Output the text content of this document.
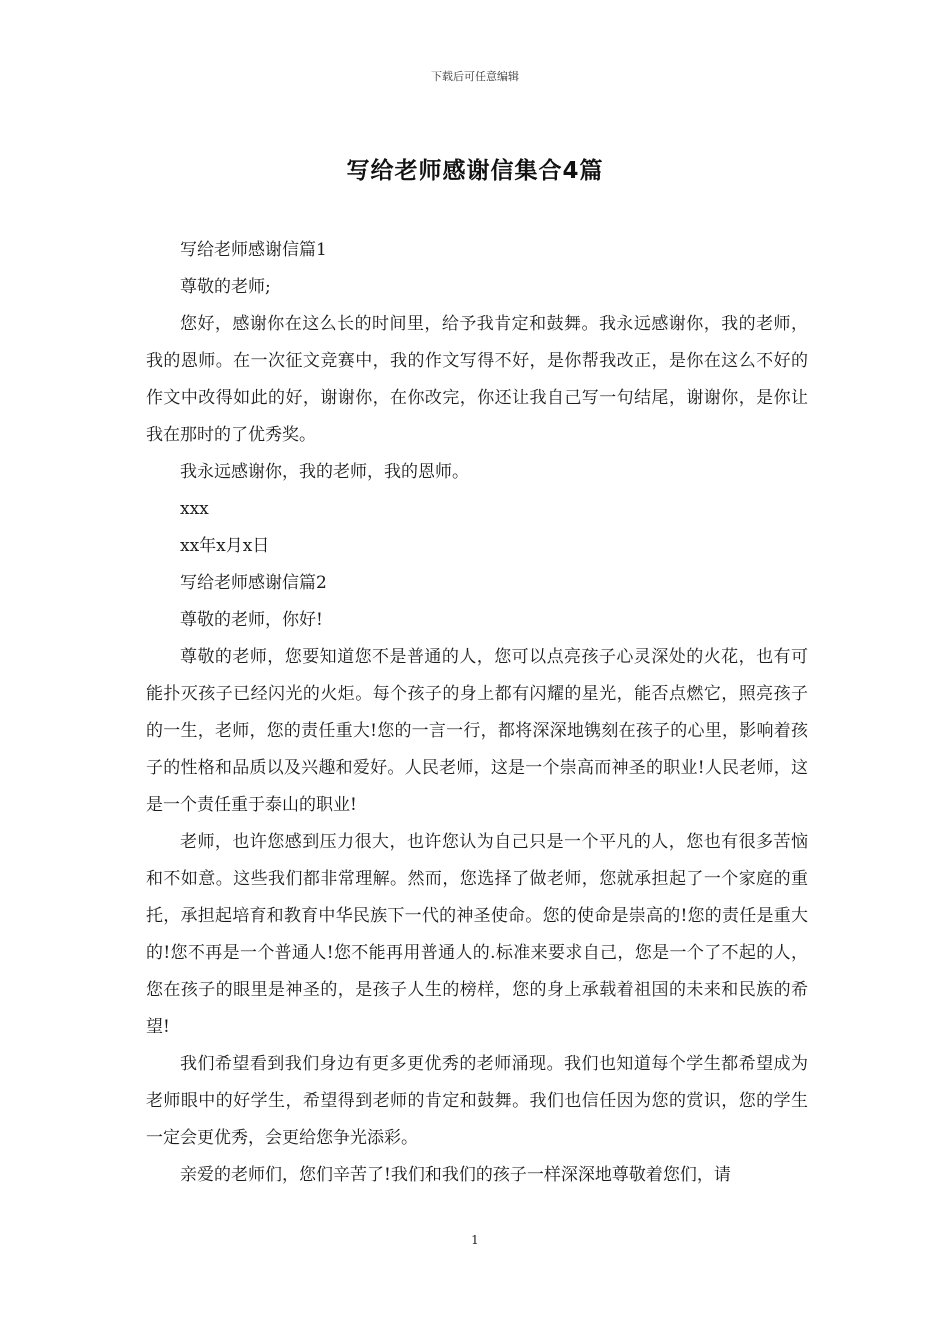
下载后可任意编辑
写给老师感谢信集合4篇

写给老师感谢信篇1

尊敬的老师;

您好，感谢你在这么长的时间里，给予我肯定和鼓舞。我永远感谢你，我的老师，我的恩师。在一次征文竞赛中，我的作文写得不好，是你帮我改正，是你在这么不好的作文中改得如此的好，谢谢你，在你改完，你还让我自己写一句结尾，谢谢你，是你让我在那时的了优秀奖。

我永远感谢你，我的老师，我的恩师。

xxx

xx年x月x日

写给老师感谢信篇2

尊敬的老师，你好!

尊敬的老师，您要知道您不是普通的人，您可以点亮孩子心灵深处的火花，也有可能扑灭孩子已经闪光的火炬。每个孩子的身上都有闪耀的星光，能否点燃它，照亮孩子的一生，老师，您的责任重大!您的一言一行，都将深深地镌刻在孩子的心里，影响着孩子的性格和品质以及兴趣和爱好。人民老师，这是一个崇高而神圣的职业!人民老师，这是一个责任重于泰山的职业!

老师，也许您感到压力很大，也许您认为自己只是一个平凡的人，您也有很多苦恼和不如意。这些我们都非常理解。然而，您选择了做老师，您就承担起了一个家庭的重托，承担起培育和教育中华民族下一代的神圣使命。您的使命是崇高的!您的责任是重大的!您不再是一个普通人!您不能再用普通人的.标准来要求自己，您是一个了不起的人，您在孩子的眼里是神圣的，是孩子人生的榜样，您的身上承载着祖国的未来和民族的希望!

我们希望看到我们身边有更多更优秀的老师涌现。我们也知道每个学生都希望成为老师眼中的好学生，希望得到老师的肯定和鼓舞。我们也信任因为您的赏识，您的学生一定会更优秀，会更给您争光添彩。

亲爱的老师们，您们辛苦了!我们和我们的孩子一样深深地尊敬着您们，请

1
